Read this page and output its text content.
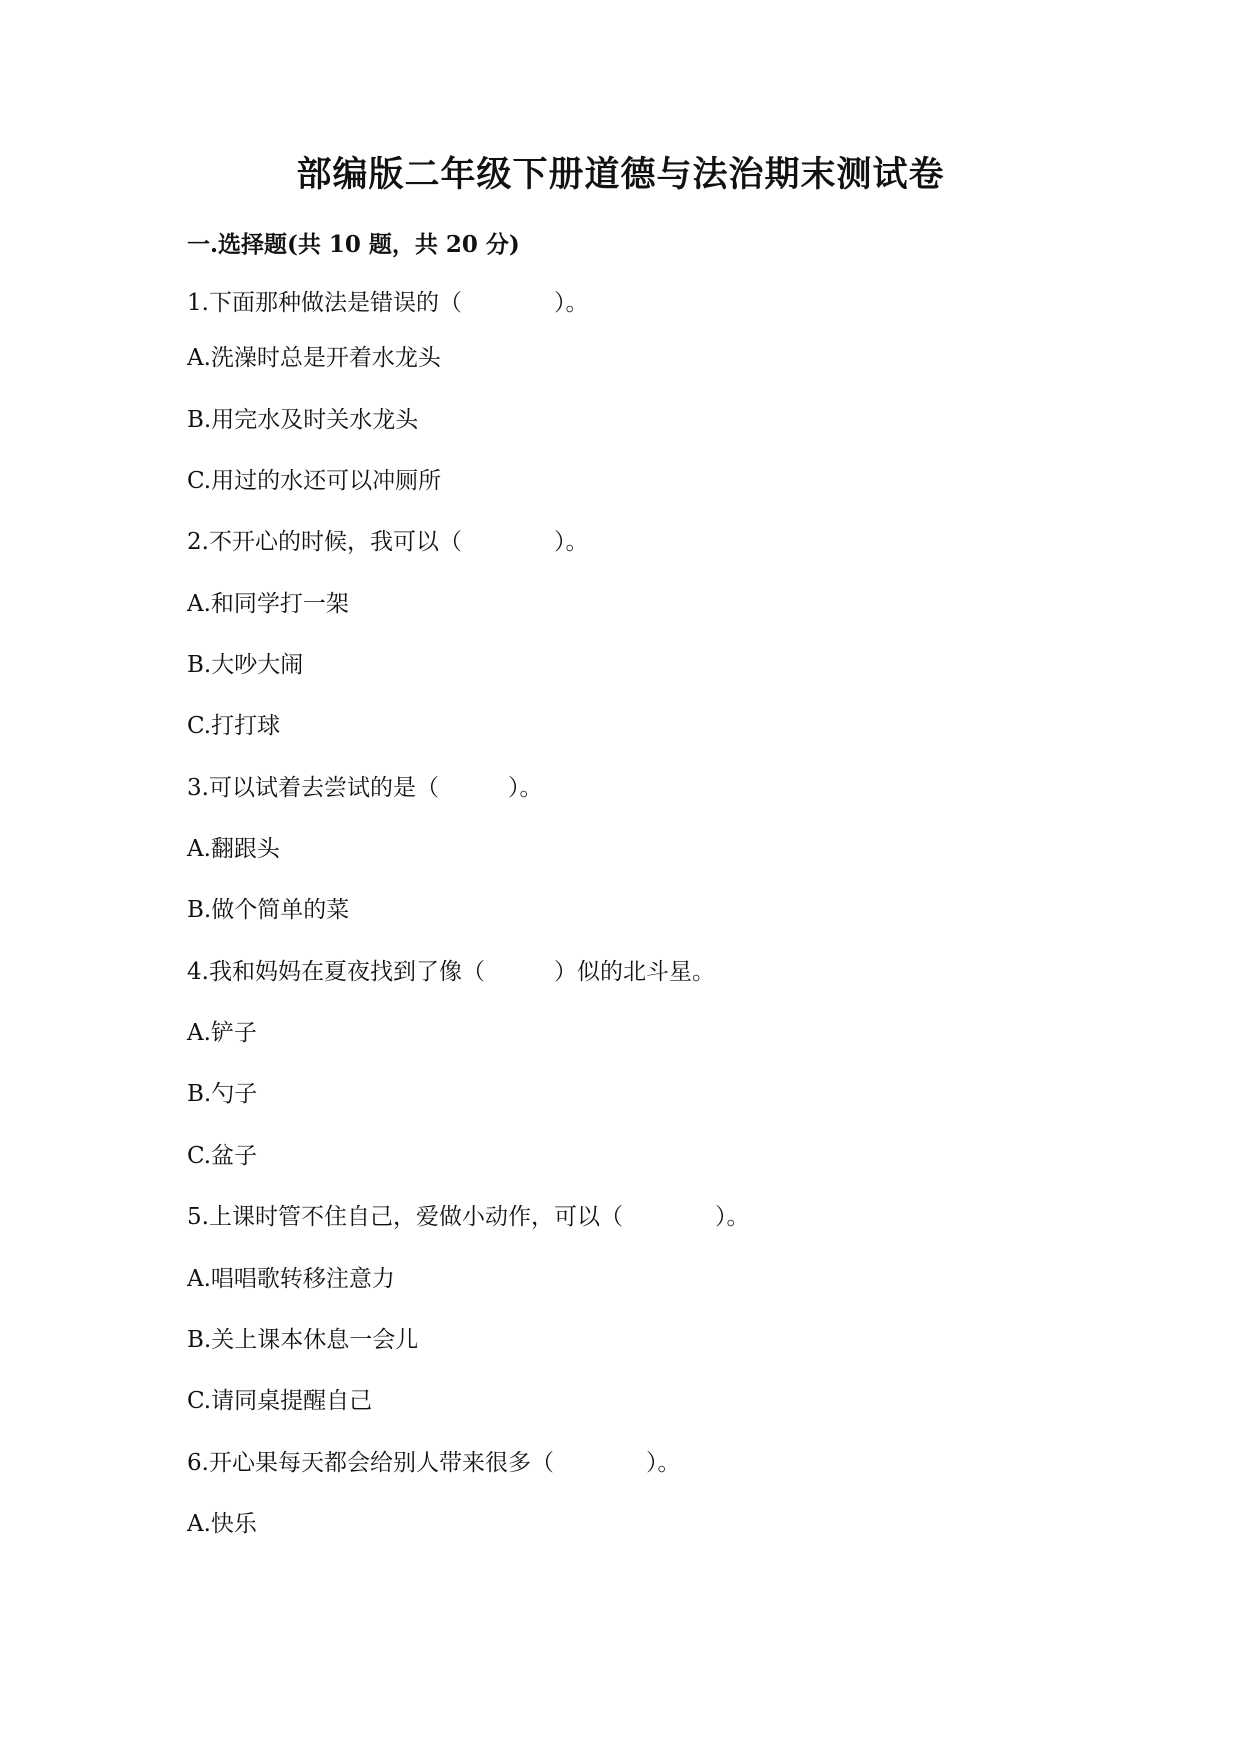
部编版二年级下册道德与法治期末测试卷
一.选择题(共 10 题，共 20 分)
1.下面那种做法是错误的（　　　　）。
A.洗澡时总是开着水龙头
B.用完水及时关水龙头
C.用过的水还可以冲厕所
2.不开心的时候，我可以（　　　　）。
A.和同学打一架
B.大吵大闹
C.打打球
3.可以试着去尝试的是（　　　）。
A.翻跟头
B.做个简单的菜
4.我和妈妈在夏夜找到了像（　　　）似的北斗星。
A.铲子
B.勺子
C.盆子
5.上课时管不住自己，爱做小动作，可以（　　　　）。
A.唱唱歌转移注意力
B.关上课本休息一会儿
C.请同桌提醒自己
6.开心果每天都会给别人带来很多（　　　　）。
A.快乐
